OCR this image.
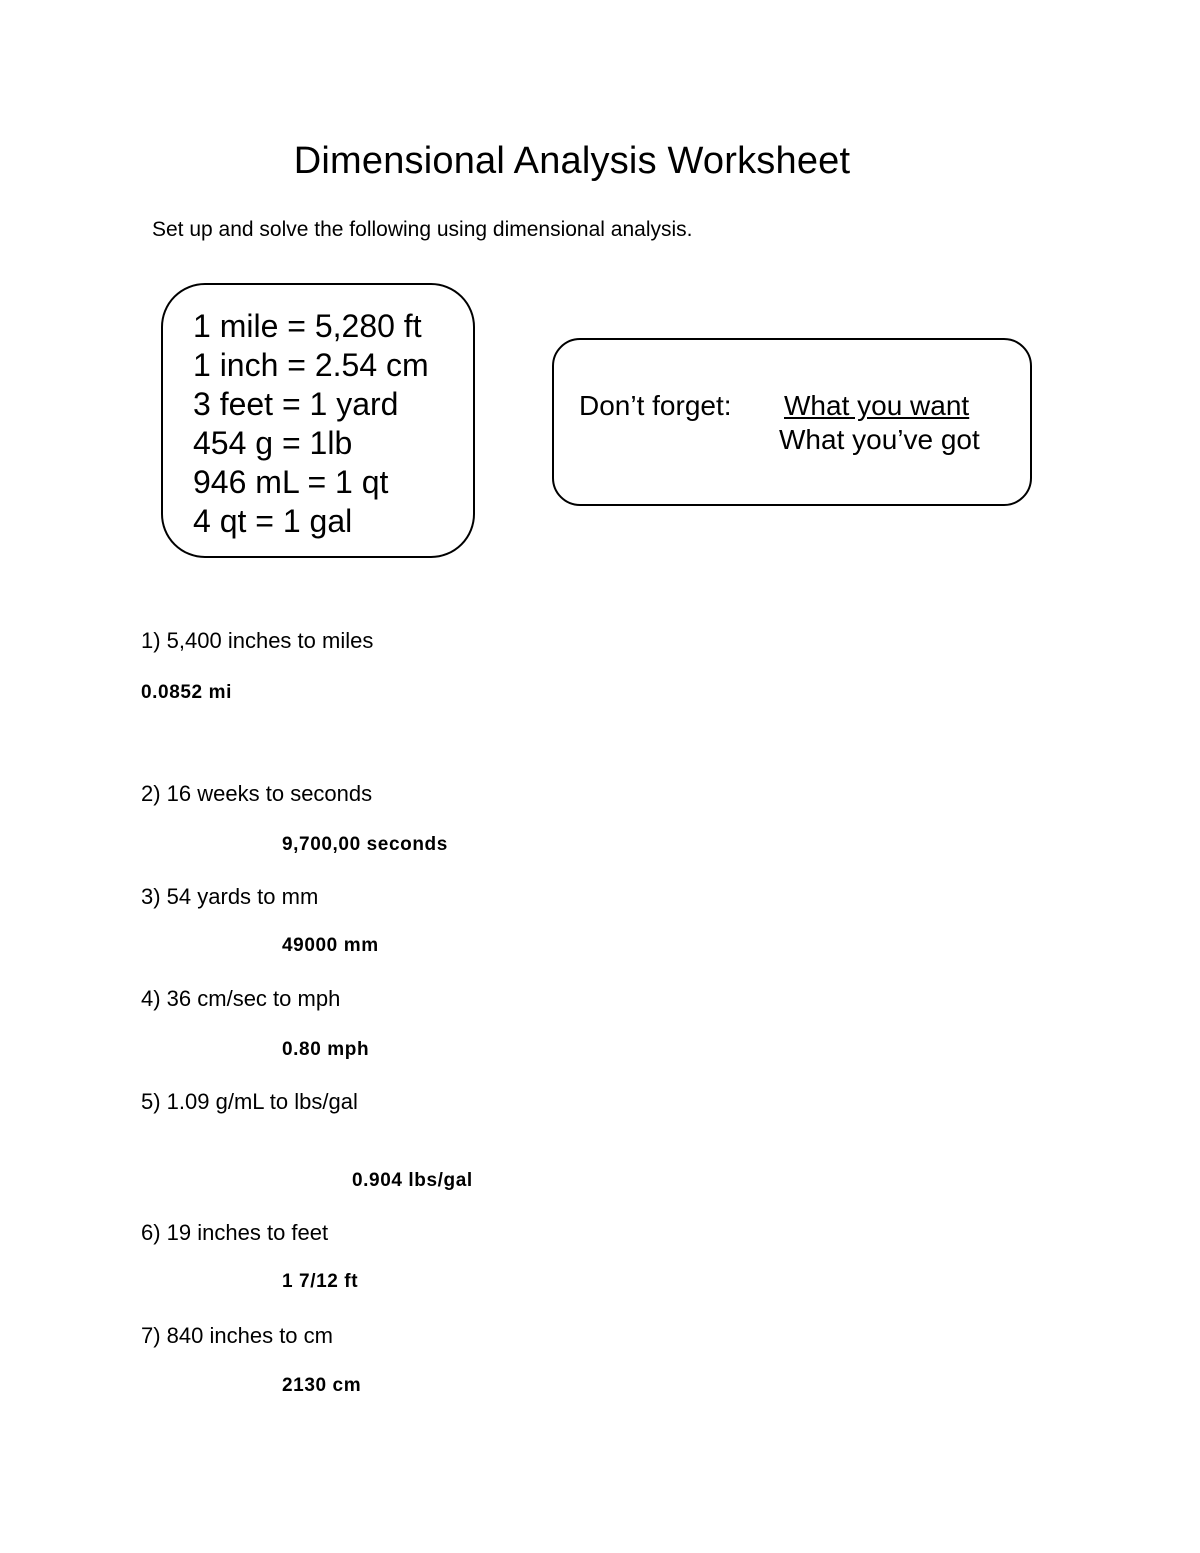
Dimensional Analysis Worksheet
Set up and solve the following using dimensional analysis.
1 mile = 5,280 ft
1 inch = 2.54 cm
3 feet = 1 yard
454 g = 1lb
946 mL = 1 qt
4 qt = 1 gal
Don’t forget: What you want
What you’ve got
1) 5,400 inches to miles
0.0852 mi
2) 16 weeks to seconds
9,700,00 seconds
3) 54 yards to mm
49000 mm
4) 36 cm/sec to mph
0.80 mph
5) 1.09 g/mL to lbs/gal
0.904 lbs/gal
6) 19 inches to feet
1 7/12 ft
7) 840 inches to cm
2130 cm
